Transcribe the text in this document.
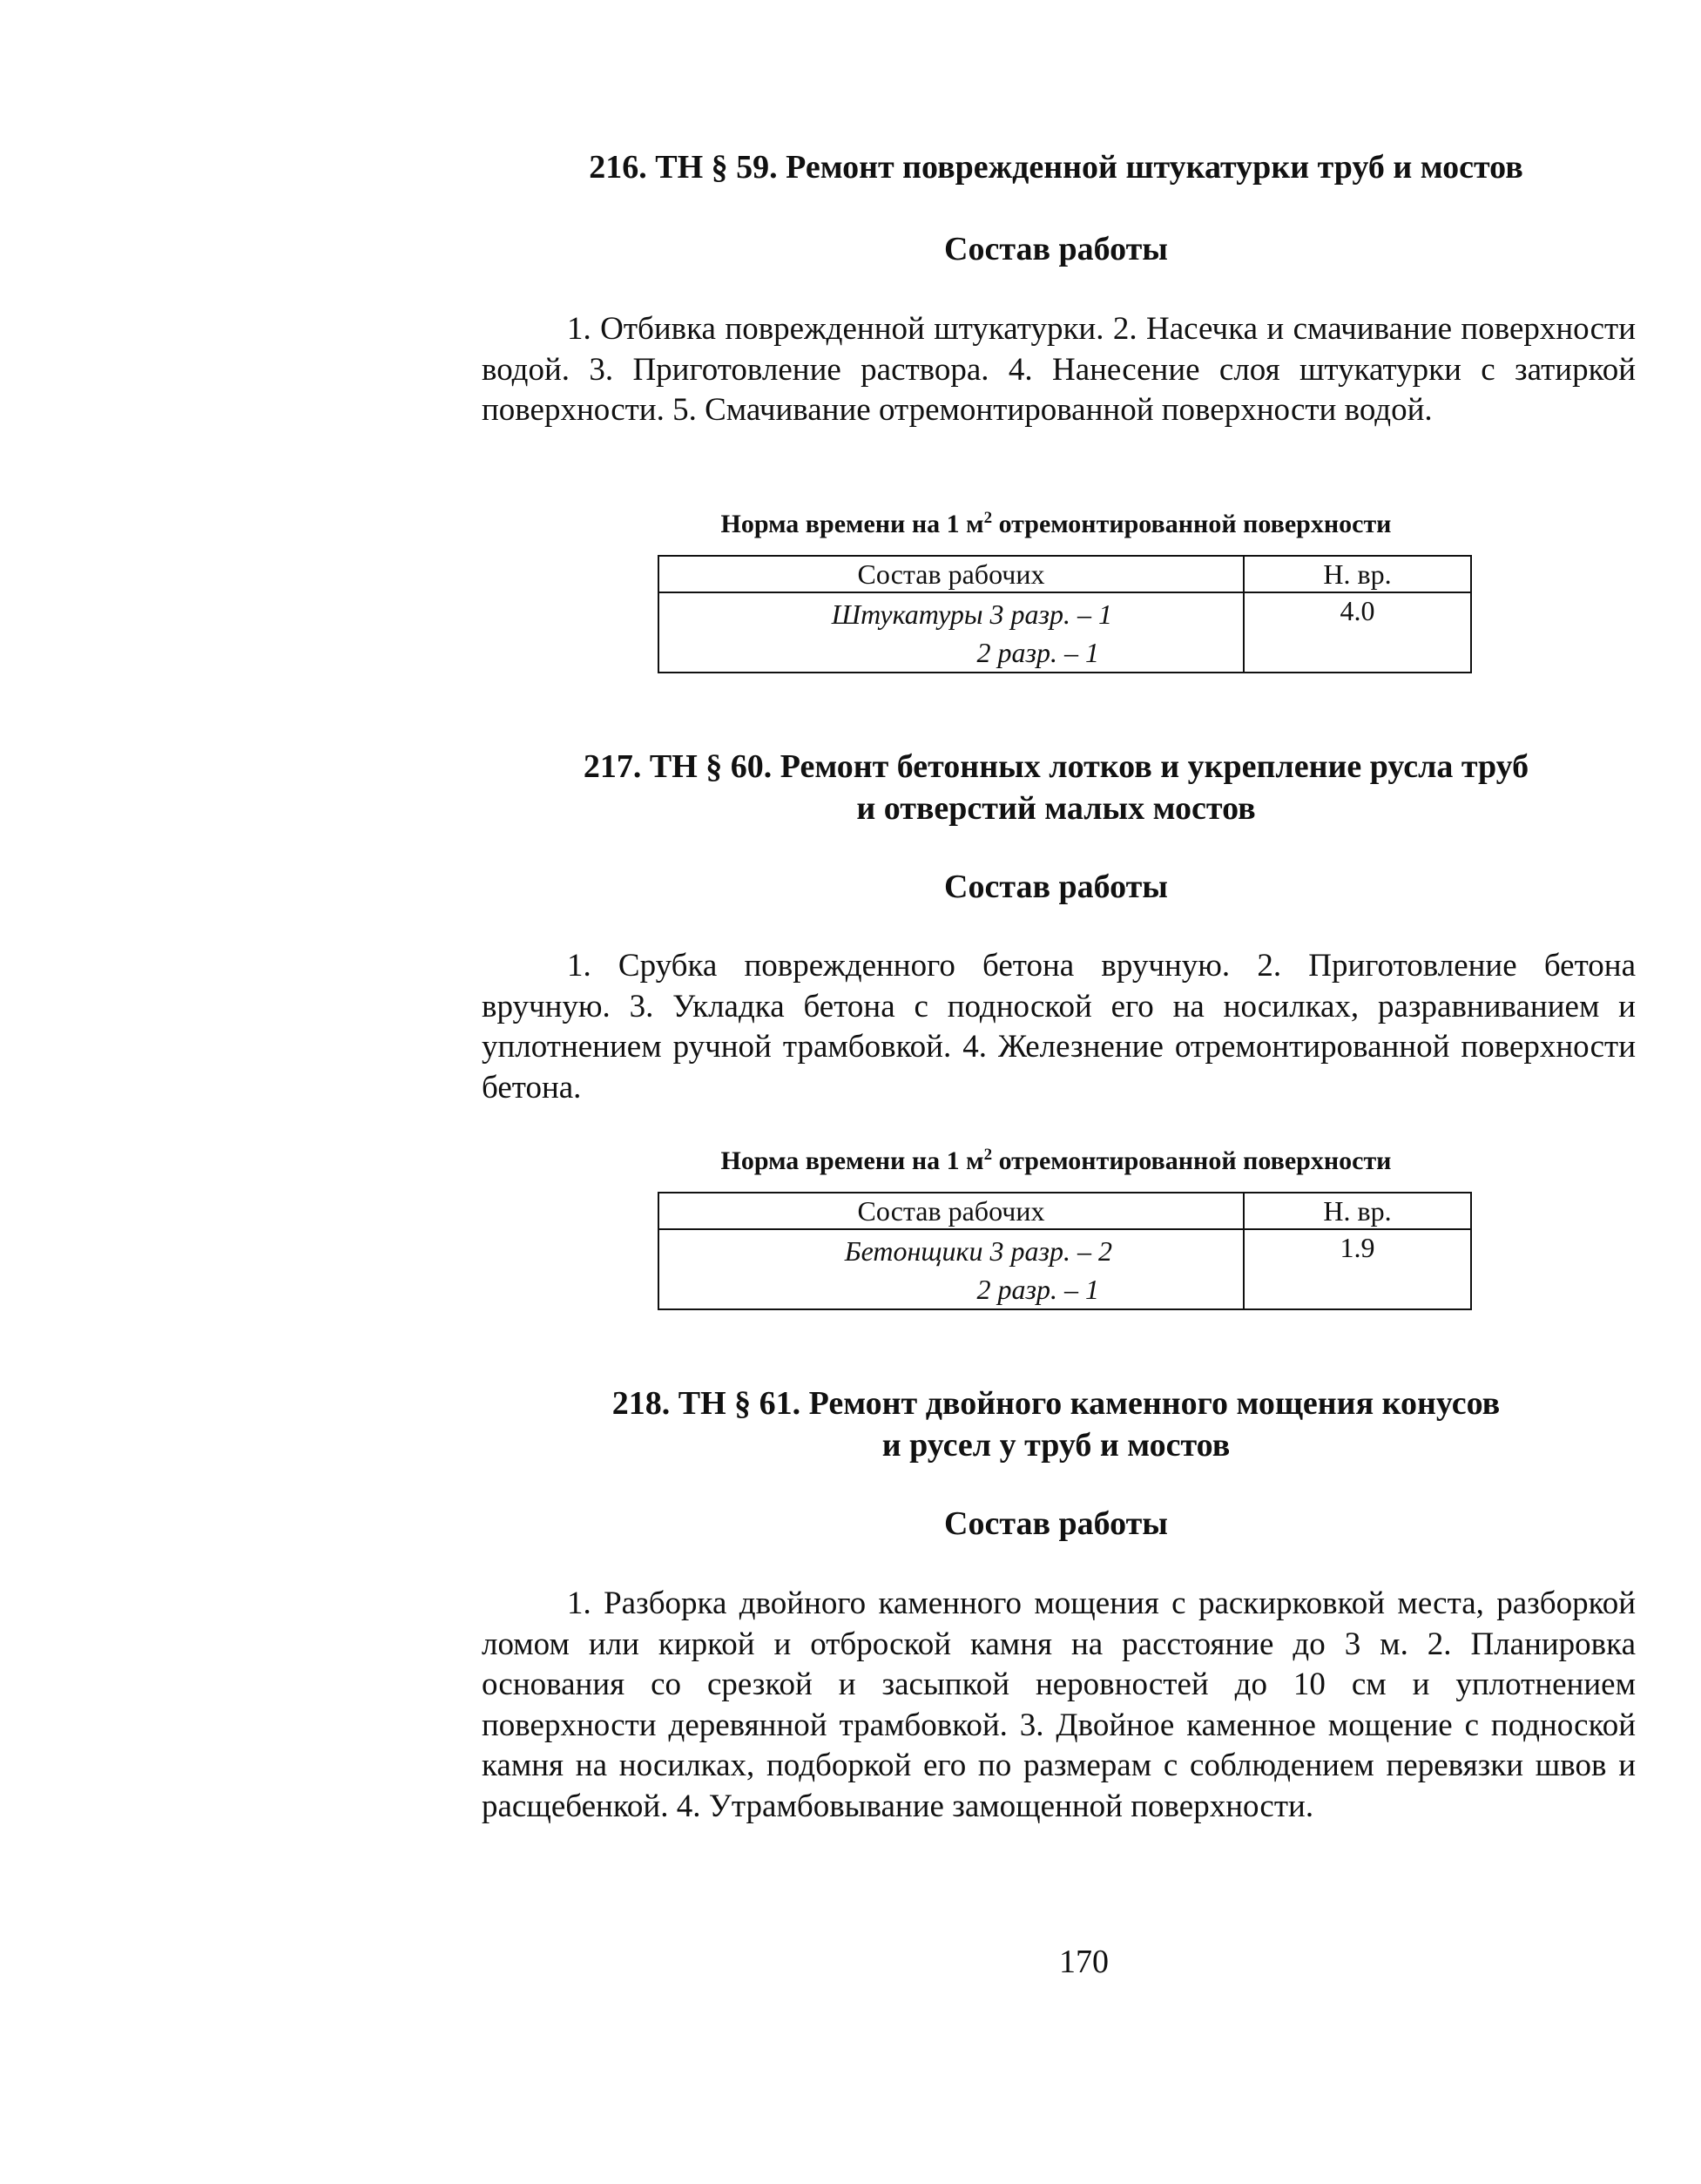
216. ТН § 59. Ремонт поврежденной штукатурки труб и мостов
Состав работы

1. Отбивка поврежденной штукатурки. 2. Насечка и смачивание поверхности водой. 3. Приготовление раствора. 4. Нанесение слоя штукатурки с затиркой поверхности. 5. Смачивание отремонтированной поверхности водой.

Норма времени на 1 $м^2$ отремонтированной поверхности

Состав рабочих	Н. вр.

Штукатуры 3 разр. – 1
2 разр. – 1	4.0
217. ТН § 60. Ремонт бетонных лотков и укрепление русла труб
и отверстий малых мостов
Состав работы

1. Срубка поврежденного бетона вручную. 2. Приготовление бетона вручную. 3. Укладка бетона с подноской его на носилках, разравниванием и уплотнением ручной трамбовкой. 4. Железнение отремонтированной поверхности бетона.

Норма времени на 1 $м^2$ отремонтированной поверхности

Состав рабочих	Н. вр.

Бетонщики 3 разр. – 2
2 разр. – 1	1.9
218. ТН § 61. Ремонт двойного каменного мощения конусов
и русел у труб и мостов
Состав работы

1. Разборка двойного каменного мощения с раскирковкой места, разборкой ломом или киркой и отброской камня на расстояние до 3 м. 2. Планировка основания со срезкой и засыпкой неровностей до 10 см и уплотнением поверхности деревянной трамбовкой. 3. Двойное каменное мощение с подноской камня на носилках, подборкой его по размерам с соблюдением перевязки швов и расщебенкой. 4. Утрамбовывание замощенной поверхности.

170
